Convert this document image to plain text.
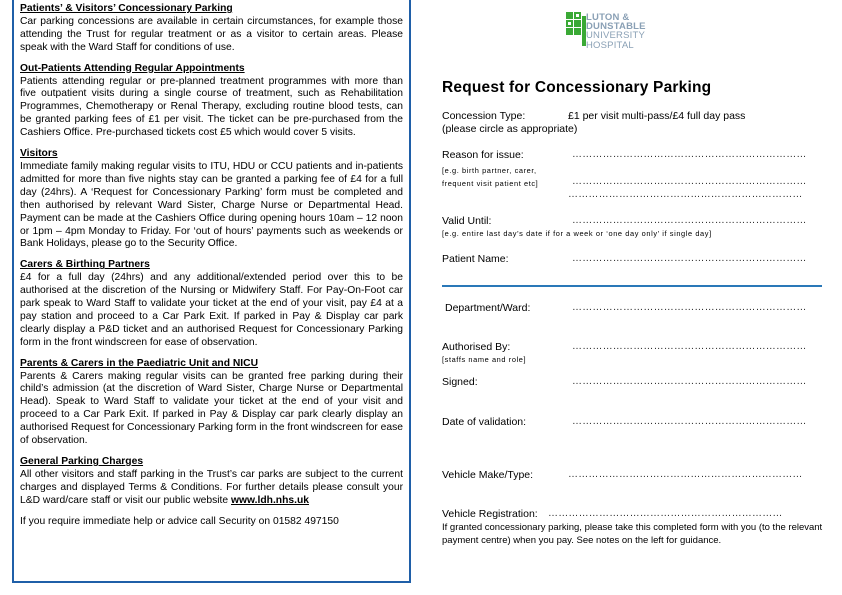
Patients’ & Visitors’ Concessionary Parking
Car parking concessions are available in certain circumstances, for example those attending the Trust for regular treatment or as a visitor to certain areas. Please speak with the Ward Staff for conditions of use.
Out-Patients Attending Regular Appointments
Patients attending regular or pre-planned treatment programmes with more than five outpatient visits during a single course of treatment, such as Rehabilitation Programmes, Chemotherapy or Renal Therapy, excluding routine blood tests, can be granted parking fees of £1 per visit. The ticket can be pre-purchased from the Cashiers Office. Pre-purchased tickets cost £5 which would cover 5 visits.
Visitors
Immediate family making regular visits to ITU, HDU or CCU patients and in-patients admitted for more than five nights stay can be granted a parking fee of £4 for a full day (24hrs). A ‘Request for Concessionary Parking’ form must be completed and then authorised by relevant Ward Sister, Charge Nurse or Departmental Head. Payment can be made at the Cashiers Office during opening hours 10am – 12 noon or 1pm – 4pm Monday to Friday. For ‘out of hours’ payments such as weekends or Bank Holidays, please go to the Security Office.
Carers & Birthing Partners
£4 for a full day (24hrs) and any additional/extended period over this to be authorised at the discretion of the Nursing or Midwifery Staff. For Pay-On-Foot car park speak to Ward Staff to validate your ticket at the end of your visit, pay £4 at a pay station and proceed to a Car Park Exit. If parked in Pay & Display car park clearly display a P&D ticket and an authorised Request for Concessionary Parking form in the front windscreen for ease of observation.
Parents & Carers in the Paediatric Unit and NICU
Parents & Carers making regular visits can be granted free parking during their child’s admission (at the discretion of Ward Sister, Charge Nurse or Departmental Head). Speak to Ward Staff to validate your ticket at the end of your visit and proceed to a Car Park Exit. If parked in Pay & Display car park clearly display an authorised Request for Concessionary Parking form in the front windscreen for ease of observation.
General Parking Charges
All other visitors and staff parking in the Trust’s car parks are subject to the current charges and displayed Terms & Conditions. For further details please consult your L&D ward/care staff or visit our public website www.ldh.nhs.uk
If you require immediate help or advice call Security on 01582 497150
LUTON &
DUNSTABLE
UNIVERSITY
HOSPITAL
Request for Concessionary Parking
Concession Type:	£1 per visit multi-pass/£4 full day pass
(please circle as appropriate)
Reason for issue:	……………………………………………………………
[e.g. birth partner, carer,
frequent visit patient etc]	……………………………………………………………
……………………………………………………………
Valid Until:	……………………………………………………………
[e.g. entire last day’s date if for a week or ‘one day only’ if single day]
Patient Name:	……………………………………………………………
Department/Ward:	……………………………………………………………
Authorised By:	……………………………………………………………
[staffs name and role]
Signed:	……………………………………………………………
Date of validation:	……………………………………………………………
Vehicle Make/Type:	……………………………………………………………
Vehicle Registration: ……………………………………………………………
If granted concessionary parking, please take this completed form with you (to the relevant payment centre) when you pay. See notes on the left for guidance.
